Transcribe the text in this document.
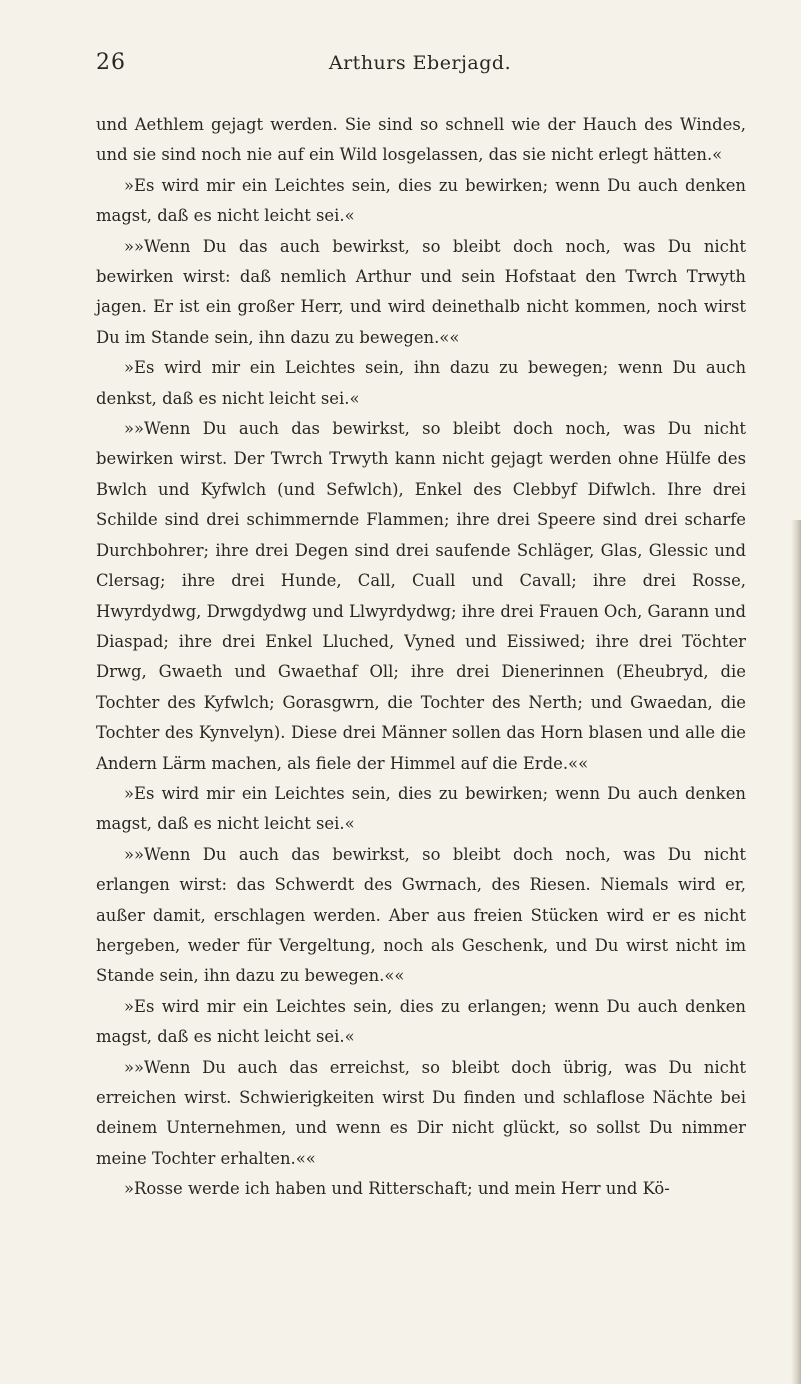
26	Arthurs Eberjagd.

und Aethlem gejagt werden. Sie sind so schnell wie der Hauch des Windes, und sie sind noch nie auf ein Wild losgelassen, das sie nicht erlegt hätten.«

»Es wird mir ein Leichtes sein, dies zu bewirken; wenn Du auch denken magst, daß es nicht leicht sei.«

»»Wenn Du das auch bewirkst, so bleibt doch noch, was Du nicht bewirken wirst: daß nemlich Arthur und sein Hofstaat den Twrch Trwyth jagen. Er ist ein großer Herr, und wird deinethalb nicht kommen, noch wirst Du im Stande sein, ihn dazu zu bewegen.««

»Es wird mir ein Leichtes sein, ihn dazu zu bewegen; wenn Du auch denkst, daß es nicht leicht sei.«

»»Wenn Du auch das bewirkst, so bleibt doch noch, was Du nicht bewirken wirst. Der Twrch Trwyth kann nicht gejagt werden ohne Hülfe des Bwlch und Kyfwlch (und Sefwlch), Enkel des Clebbyf Difwlch. Ihre drei Schilde sind drei schimmernde Flammen; ihre drei Speere sind drei scharfe Durchbohrer; ihre drei Degen sind drei saufende Schläger, Glas, Glessic und Clersag; ihre drei Hunde, Call, Cuall und Cavall; ihre drei Rosse, Hwyrdydwg, Drwgdydwg und Llwyrdydwg; ihre drei Frauen Och, Garann und Diaspad; ihre drei Enkel Lluched, Vyned und Eissiwed; ihre drei Töchter Drwg, Gwaeth und Gwaethaf Oll; ihre drei Dienerinnen (Eheubryd, die Tochter des Kyfwlch; Gorasgwrn, die Tochter des Nerth; und Gwaedan, die Tochter des Kynvelyn). Diese drei Männer sollen das Horn blasen und alle die Andern Lärm machen, als fiele der Himmel auf die Erde.««

»Es wird mir ein Leichtes sein, dies zu bewirken; wenn Du auch denken magst, daß es nicht leicht sei.«

»»Wenn Du auch das bewirkst, so bleibt doch noch, was Du nicht erlangen wirst: das Schwerdt des Gwrnach, des Riesen. Niemals wird er, außer damit, erschlagen werden. Aber aus freien Stücken wird er es nicht hergeben, weder für Vergeltung, noch als Geschenk, und Du wirst nicht im Stande sein, ihn dazu zu bewegen.««

»Es wird mir ein Leichtes sein, dies zu erlangen; wenn Du auch denken magst, daß es nicht leicht sei.«

»»Wenn Du auch das erreichst, so bleibt doch übrig, was Du nicht erreichen wirst. Schwierigkeiten wirst Du finden und schlaflose Nächte bei deinem Unternehmen, und wenn es Dir nicht glückt, so sollst Du nimmer meine Tochter erhalten.««

»Rosse werde ich haben und Ritterschaft; und mein Herr und Kö-
